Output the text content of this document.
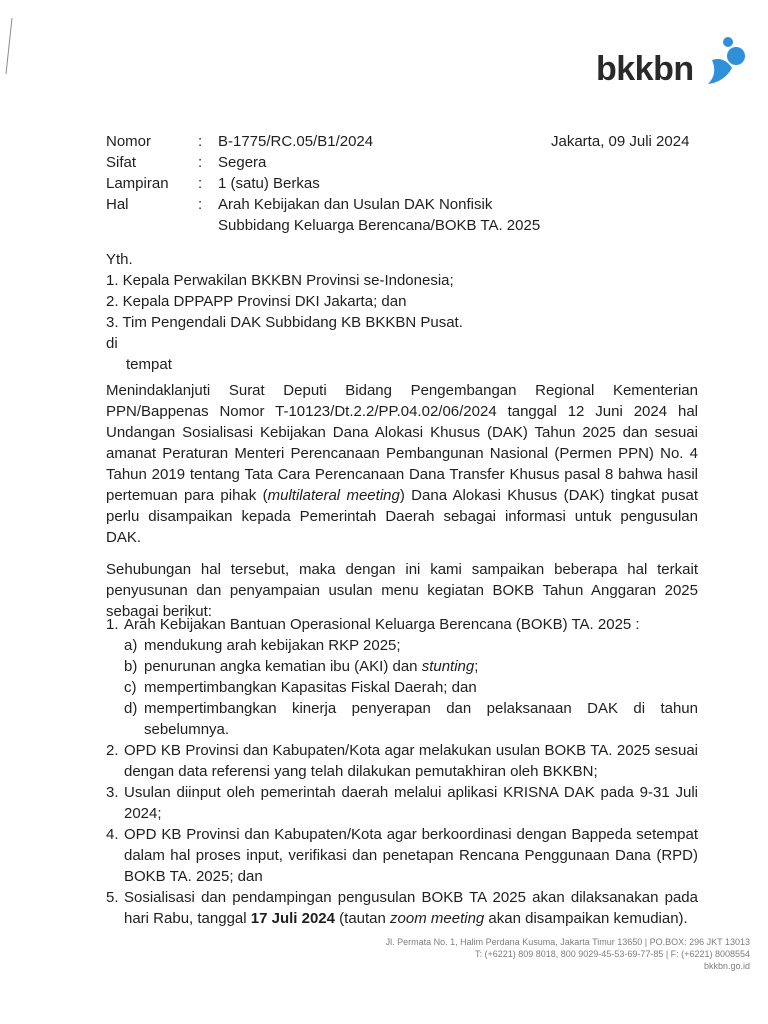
bkkbn
Nomor	:	B-1775/RC.05/B1/2024
Sifat	:	Segera
Lampiran	:	1 (satu) Berkas
Hal	:	Arah Kebijakan dan Usulan DAK Nonfisik
Subbidang Keluarga Berencana/BOKB TA. 2025
Jakarta, 09 Juli 2024
Yth.
1. Kepala Perwakilan BKKBN Provinsi se-Indonesia;
2. Kepala DPPAPP Provinsi DKI Jakarta; dan
3. Tim Pengendali DAK Subbidang KB BKKBN Pusat.
di
tempat
Menindaklanjuti Surat Deputi Bidang Pengembangan Regional Kementerian PPN/Bappenas Nomor T-10123/Dt.2.2/PP.04.02/06/2024 tanggal 12 Juni 2024 hal Undangan Sosialisasi Kebijakan Dana Alokasi Khusus (DAK) Tahun 2025 dan sesuai amanat Peraturan Menteri Perencanaan Pembangunan Nasional (Permen PPN) No. 4 Tahun 2019 tentang Tata Cara Perencanaan Dana Transfer Khusus pasal 8 bahwa hasil pertemuan para pihak (multilateral meeting) Dana Alokasi Khusus (DAK) tingkat pusat perlu disampaikan kepada Pemerintah Daerah sebagai informasi untuk pengusulan DAK.
Sehubungan hal tersebut, maka dengan ini kami sampaikan beberapa hal terkait penyusunan dan penyampaian usulan menu kegiatan BOKB Tahun Anggaran 2025 sebagai berikut:
1. Arah Kebijakan Bantuan Operasional Keluarga Berencana (BOKB) TA. 2025 :
a) mendukung arah kebijakan RKP 2025;
b) penurunan angka kematian ibu (AKI) dan stunting;
c) mempertimbangkan Kapasitas Fiskal Daerah; dan
d) mempertimbangkan kinerja penyerapan dan pelaksanaan DAK di tahun sebelumnya.
2. OPD KB Provinsi dan Kabupaten/Kota agar melakukan usulan BOKB TA. 2025 sesuai dengan data referensi yang telah dilakukan pemutakhiran oleh BKKBN;
3. Usulan diinput oleh pemerintah daerah melalui aplikasi KRISNA DAK pada 9-31 Juli 2024;
4. OPD KB Provinsi dan Kabupaten/Kota agar berkoordinasi dengan Bappeda setempat dalam hal proses input, verifikasi dan penetapan Rencana Penggunaan Dana (RPD) BOKB TA. 2025; dan
5. Sosialisasi dan pendampingan pengusulan BOKB TA 2025 akan dilaksanakan pada hari Rabu, tanggal 17 Juli 2024 (tautan zoom meeting akan disampaikan kemudian).
Jl. Permata No. 1, Halim Perdana Kusuma, Jakarta Timur 13650 | PO.BOX: 296 JKT 13013
T: (+6221) 809 8018, 800 9029-45-53-69-77-85 | F: (+6221) 8008554
bkkbn.go.id
